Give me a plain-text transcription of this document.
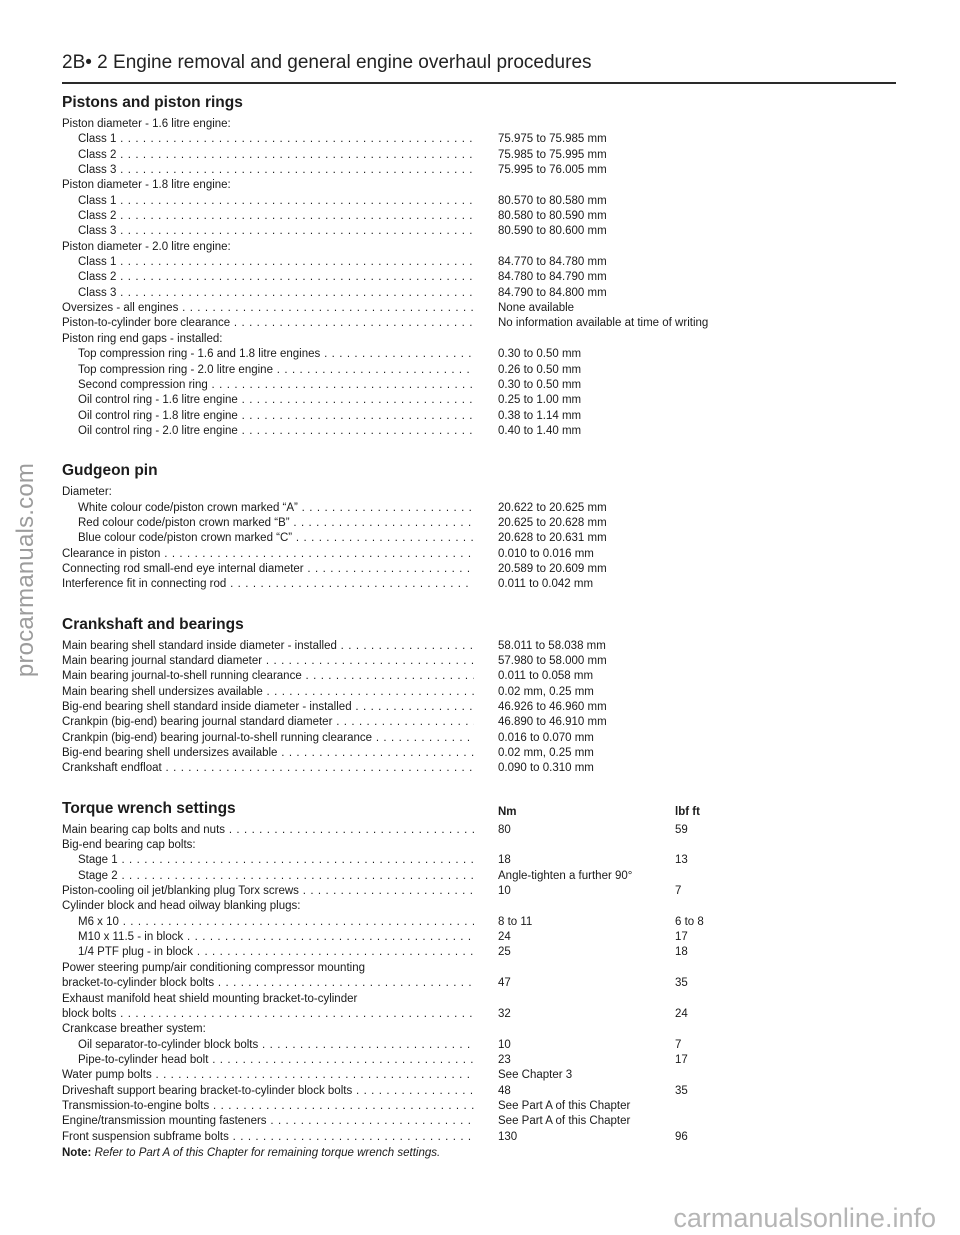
2B• 2 Engine removal and general engine overhaul procedures
procarmanuals.com
Pistons and piston rings
Piston diameter - 1.6 litre engine:
Class 1 . . .	75.975 to 75.985 mm
Class 2 . . .	75.985 to 75.995 mm
Class 3 . . .	75.995 to 76.005 mm
Piston diameter - 1.8 litre engine:
Class 1 . . .	80.570 to 80.580 mm
Class 2 . . .	80.580 to 80.590 mm
Class 3 . . .	80.590 to 80.600 mm
Piston diameter - 2.0 litre engine:
Class 1 . . .	84.770 to 84.780 mm
Class 2 . . .	84.780 to 84.790 mm
Class 3 . . .	84.790 to 84.800 mm
Oversizes - all engines . . .	None available
Piston-to-cylinder bore clearance . . .	No information available at time of writing
Piston ring end gaps - installed:
Top compression ring - 1.6 and 1.8 litre engines . . .	0.30 to 0.50 mm
Top compression ring - 2.0 litre engine . . .	0.26 to 0.50 mm
Second compression ring . . .	0.30 to 0.50 mm
Oil control ring - 1.6 litre engine . . .	0.25 to 1.00 mm
Oil control ring - 1.8 litre engine . . .	0.38 to 1.14 mm
Oil control ring - 2.0 litre engine . . .	0.40 to 1.40 mm
Gudgeon pin
Diameter:
White colour code/piston crown marked “A” . . .	20.622 to 20.625 mm
Red colour code/piston crown marked “B” . . .	20.625 to 20.628 mm
Blue colour code/piston crown marked “C” . . .	20.628 to 20.631 mm
Clearance in piston . . .	0.010 to 0.016 mm
Connecting rod small-end eye internal diameter . . .	20.589 to 20.609 mm
Interference fit in connecting rod . . .	0.011 to 0.042 mm
Crankshaft and bearings
Main bearing shell standard inside diameter - installed . . .	58.011 to 58.038 mm
Main bearing journal standard diameter . . .	57.980 to 58.000 mm
Main bearing journal-to-shell running clearance . . .	0.011 to 0.058 mm
Main bearing shell undersizes available . . .	0.02 mm, 0.25 mm
Big-end bearing shell standard inside diameter - installed . . .	46.926 to 46.960 mm
Crankpin (big-end) bearing journal standard diameter . . .	46.890 to 46.910 mm
Crankpin (big-end) bearing journal-to-shell running clearance . . .	0.016 to 0.070 mm
Big-end bearing shell undersizes available . . .	0.02 mm, 0.25 mm
Crankshaft endfloat . . .	0.090 to 0.310 mm
Torque wrench settings	Nm	lbf ft
Main bearing cap bolts and nuts . . .	80	59
Big-end bearing cap bolts:
Stage 1 . . .	18	13
Stage 2 . . .	Angle-tighten a further 90°
Piston-cooling oil jet/blanking plug Torx screws . . .	10	7
Cylinder block and head oilway blanking plugs:
M6 x 10 . . .	8 to 11	6 to 8
M10 x 11.5 - in block . . .	24	17
1/4 PTF plug - in block . . .	25	18
Power steering pump/air conditioning compressor mounting
bracket-to-cylinder block bolts . . .	47	35
Exhaust manifold heat shield mounting bracket-to-cylinder
block bolts . . .	32	24
Crankcase breather system:
Oil separator-to-cylinder block bolts . . .	10	7
Pipe-to-cylinder head bolt . . .	23	17
Water pump bolts . . .	See Chapter 3
Driveshaft support bearing bracket-to-cylinder block bolts . . .	48	35
Transmission-to-engine bolts . . .	See Part A of this Chapter
Engine/transmission mounting fasteners . . .	See Part A of this Chapter
Front suspension subframe bolts . . .	130	96
Note: Refer to Part A of this Chapter for remaining torque wrench settings.
carmanualsonline.info
